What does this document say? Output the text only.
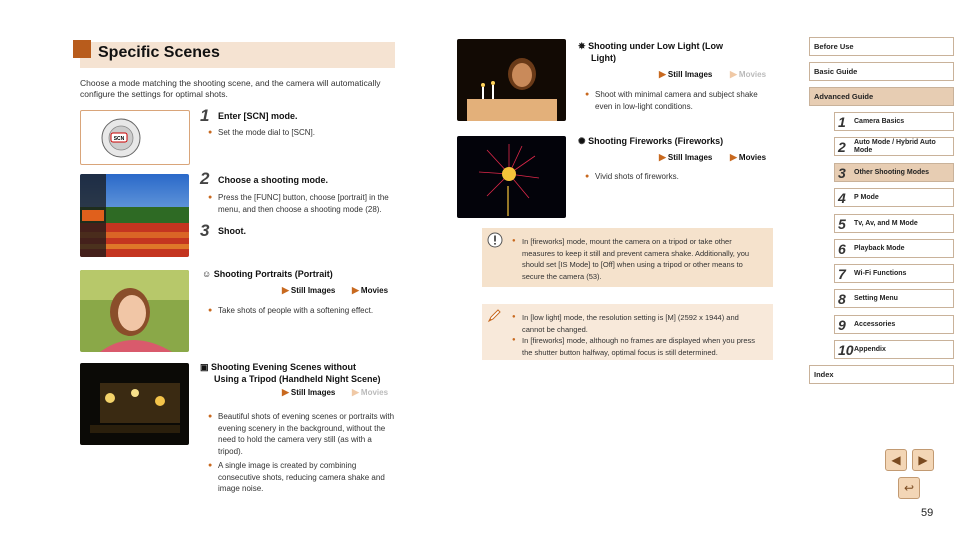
Specific Scenes
Choose a mode matching the shooting scene, and the camera will automatically configure the settings for optimal shots.
SCN
1 Enter [SCN] mode.
● Set the mode dial to [SCN].
2 Choose a shooting mode.
● Press the [FUNC] button, choose [portrait] in the menu, and then choose a shooting mode (28).
3 Shoot.
☺ Shooting Portraits (Portrait)
▶ Still Images ▶ Movies
● Take shots of people with a softening effect.
▣ Shooting Evening Scenes without
Using a Tripod (Handheld Night Scene)
▶ Still Images ▶ Movies
● Beautiful shots of evening scenes or portraits with evening scenery in the background, without the need to hold the camera very still (as with a tripod).
● A single image is created by combining consecutive shots, reducing camera shake and image noise.
✵ Shooting under Low Light (Low
Light)
▶ Still Images ▶ Movies
● Shoot with minimal camera and subject shake even in low-light conditions.
✺ Shooting Fireworks (Fireworks)
▶ Still Images ▶ Movies
● Vivid shots of fireworks.
● In [fireworks] mode, mount the camera on a tripod or take other measures to keep it still and prevent camera shake. Additionally, you should set [IS Mode] to [Off] when using a tripod or other means to secure the camera (53).
● In [low light] mode, the resolution setting is [M] (2592 x 1944) and cannot be changed.
● In [fireworks] mode, although no frames are displayed when you press the shutter button halfway, optimal focus is still determined.
Before Use
Basic Guide
Advanced Guide
1 Camera Basics
2 Auto Mode / Hybrid Auto Mode
3 Other Shooting Modes
4 P Mode
5 Tv, Av, and M Mode
6 Playback Mode
7 Wi-Fi Functions
8 Setting Menu
9 Accessories
10 Appendix
Index
◀ ▶
↩
59
